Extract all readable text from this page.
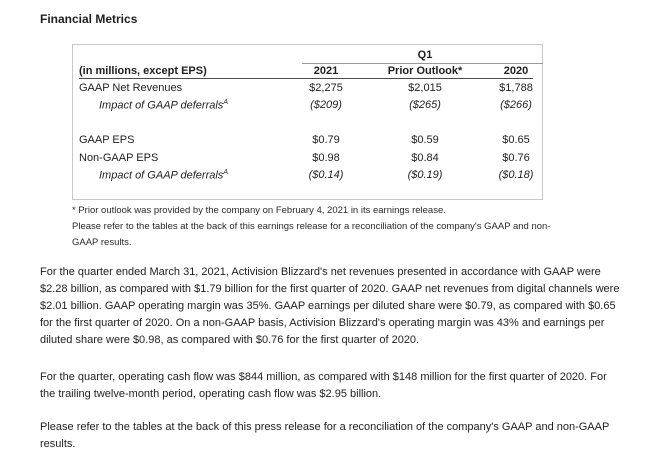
Financial Metrics
Q1
(in millions, except EPS)	2021	Prior Outlook*	2020
GAAP Net Revenues	$2,275	$2,015	$1,788
Impact of GAAP deferrals$^A$	($209)	($265)	($266)
GAAP EPS	$0.79	$0.59	$0.65
Non-GAAP EPS	$0.98	$0.84	$0.76
Impact of GAAP deferrals$^A$	($0.14)	($0.19)	($0.18)
* Prior outlook was provided by the company on February 4, 2021 in its earnings release.
Please refer to the tables at the back of this earnings release for a reconciliation of the company's GAAP and non-
GAAP results.
For the quarter ended March 31, 2021, Activision Blizzard's net revenues presented in accordance with GAAP were $2.28 billion, as compared with $1.79 billion for the first quarter of 2020. GAAP net revenues from digital channels were $2.01 billion. GAAP operating margin was 35%. GAAP earnings per diluted share were $0.79, as compared with $0.65 for the first quarter of 2020. On a non-GAAP basis, Activision Blizzard's operating margin was 43% and earnings per diluted share were $0.98, as compared with $0.76 for the first quarter of 2020.
For the quarter, operating cash flow was $844 million, as compared with $148 million for the first quarter of 2020. For the trailing twelve-month period, operating cash flow was $2.95 billion.
Please refer to the tables at the back of this press release for a reconciliation of the company's GAAP and non-GAAP results.
